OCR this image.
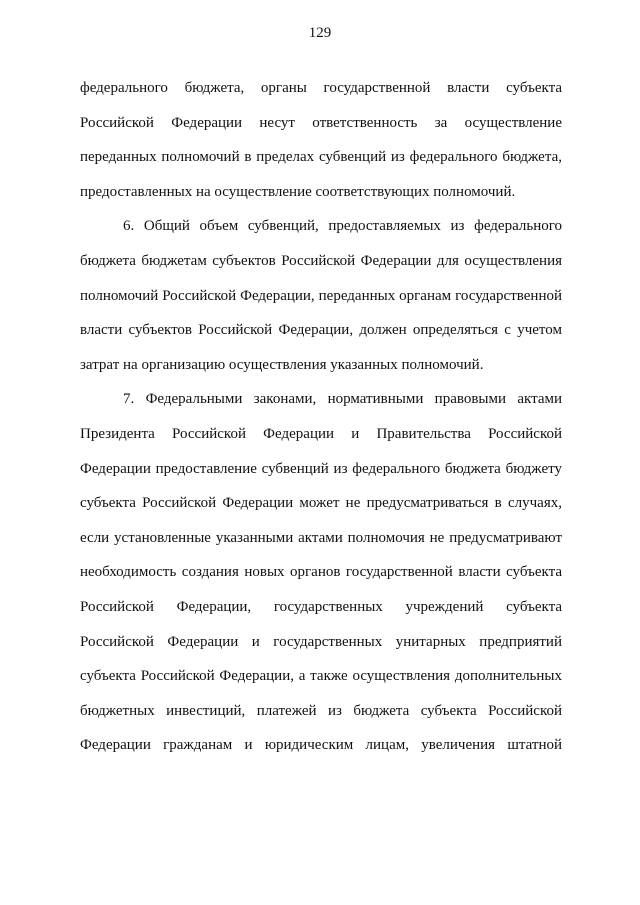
129
федерального бюджета, органы государственной власти субъекта
Российской Федерации несут ответственность за осуществление
переданных полномочий в пределах субвенций из федерального бюджета,
предоставленных на осуществление соответствующих полномочий.
6. Общий объем субвенций, предоставляемых из федерального
бюджета бюджетам субъектов Российской Федерации для осуществления
полномочий Российской Федерации, переданных органам государственной
власти субъектов Российской Федерации, должен определяться с учетом
затрат на организацию осуществления указанных полномочий.
7. Федеральными законами, нормативными правовыми актами
Президента Российской Федерации и Правительства Российской
Федерации предоставление субвенций из федерального бюджета бюджету
субъекта Российской Федерации может не предусматриваться в случаях,
если установленные указанными актами полномочия не предусматривают
необходимость создания новых органов государственной власти субъекта
Российской Федерации, государственных учреждений субъекта
Российской Федерации и государственных унитарных предприятий
субъекта Российской Федерации, а также осуществления дополнительных
бюджетных инвестиций, платежей из бюджета субъекта Российской
Федерации гражданам и юридическим лицам, увеличения штатной
